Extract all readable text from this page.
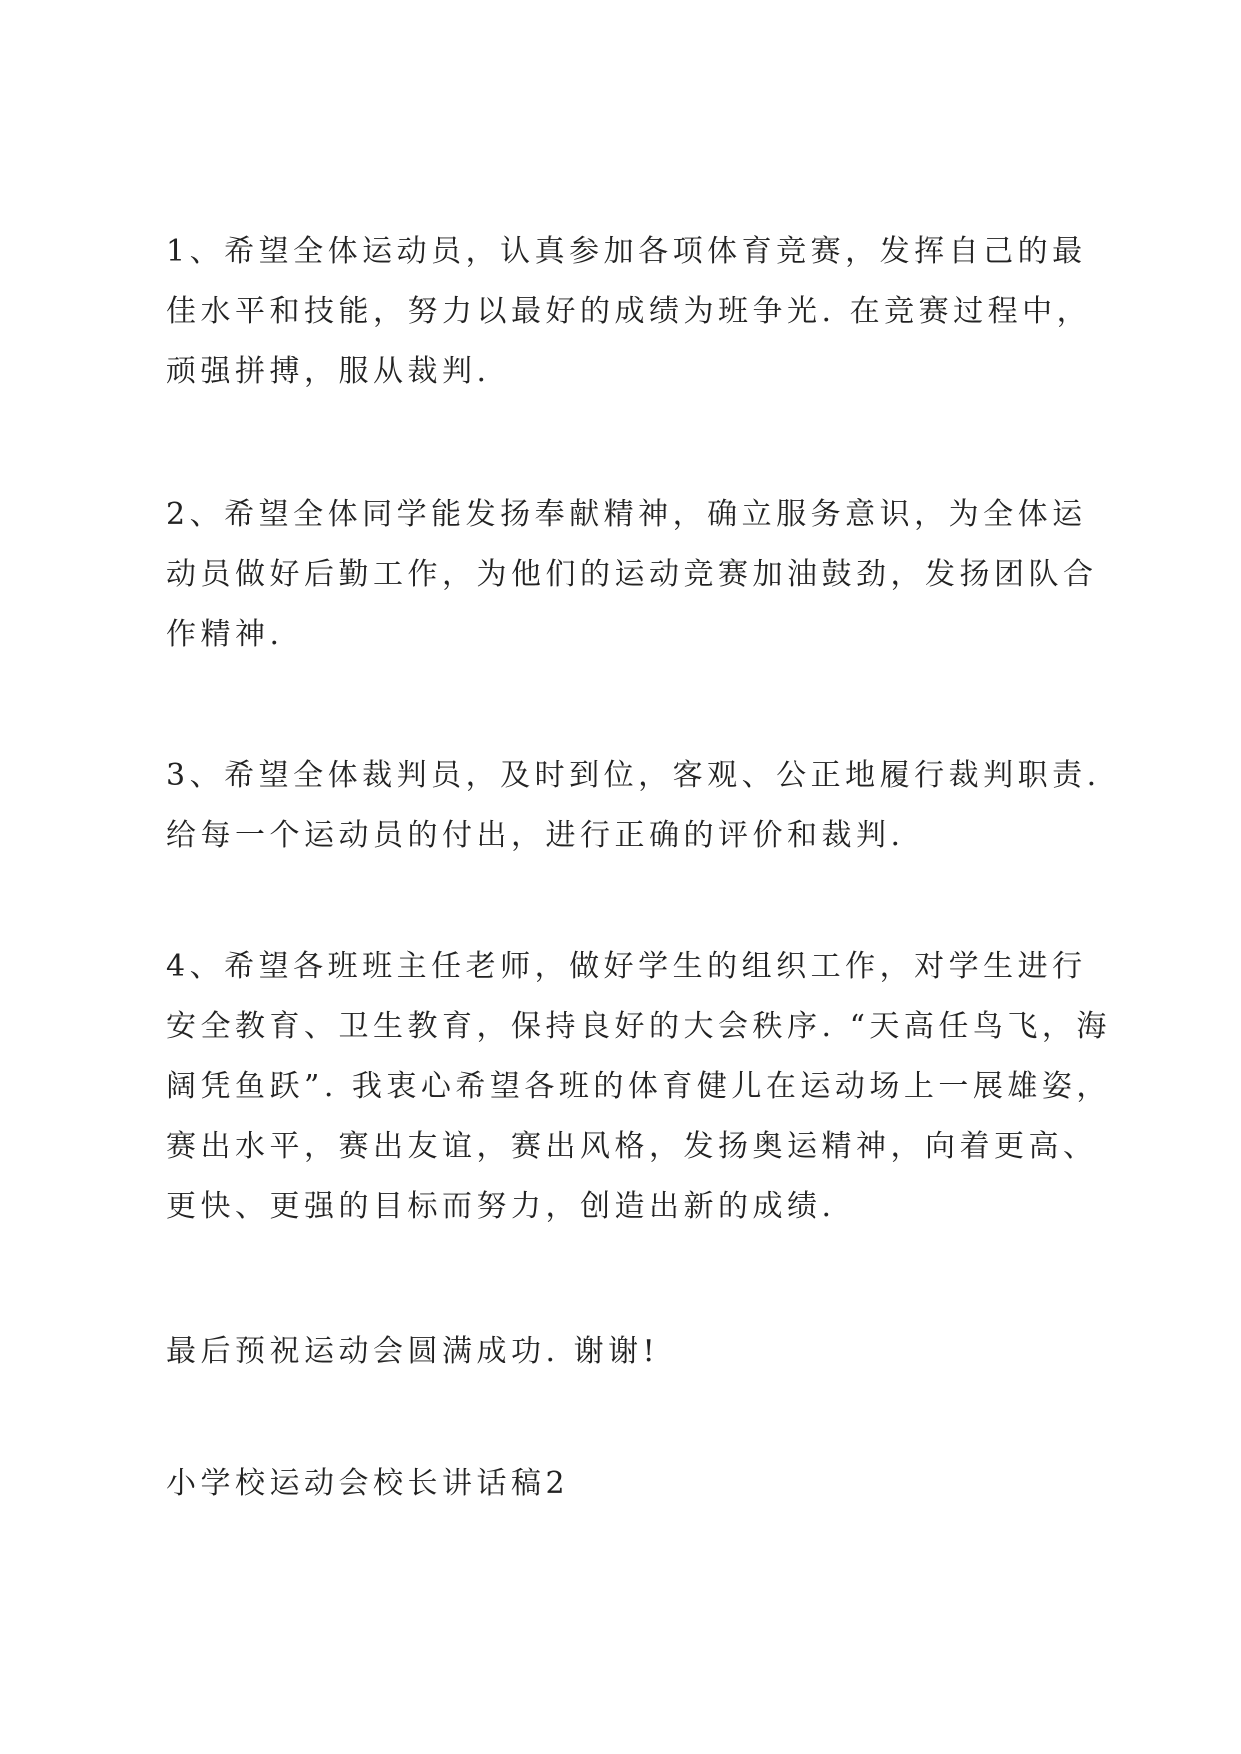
1、希望全体运动员，认真参加各项体育竞赛，发挥自己的最佳水平和技能，努力以最好的成绩为班争光. 在竞赛过程中，顽强拼搏，服从裁判.

2、希望全体同学能发扬奉献精神，确立服务意识，为全体运动员做好后勤工作，为他们的运动竞赛加油鼓劲，发扬团队合作精神.

3、希望全体裁判员，及时到位，客观、公正地履行裁判职责. 给每一个运动员的付出，进行正确的评价和裁判.

4、希望各班班主任老师，做好学生的组织工作，对学生进行安全教育、卫生教育，保持良好的大会秩序. “天高任鸟飞，海阔凭鱼跃”. 我衷心希望各班的体育健儿在运动场上一展雄姿，赛出水平，赛出友谊，赛出风格，发扬奥运精神，向着更高、更快、更强的目标而努力，创造出新的成绩.

最后预祝运动会圆满成功. 谢谢!

小学校运动会校长讲话稿2
